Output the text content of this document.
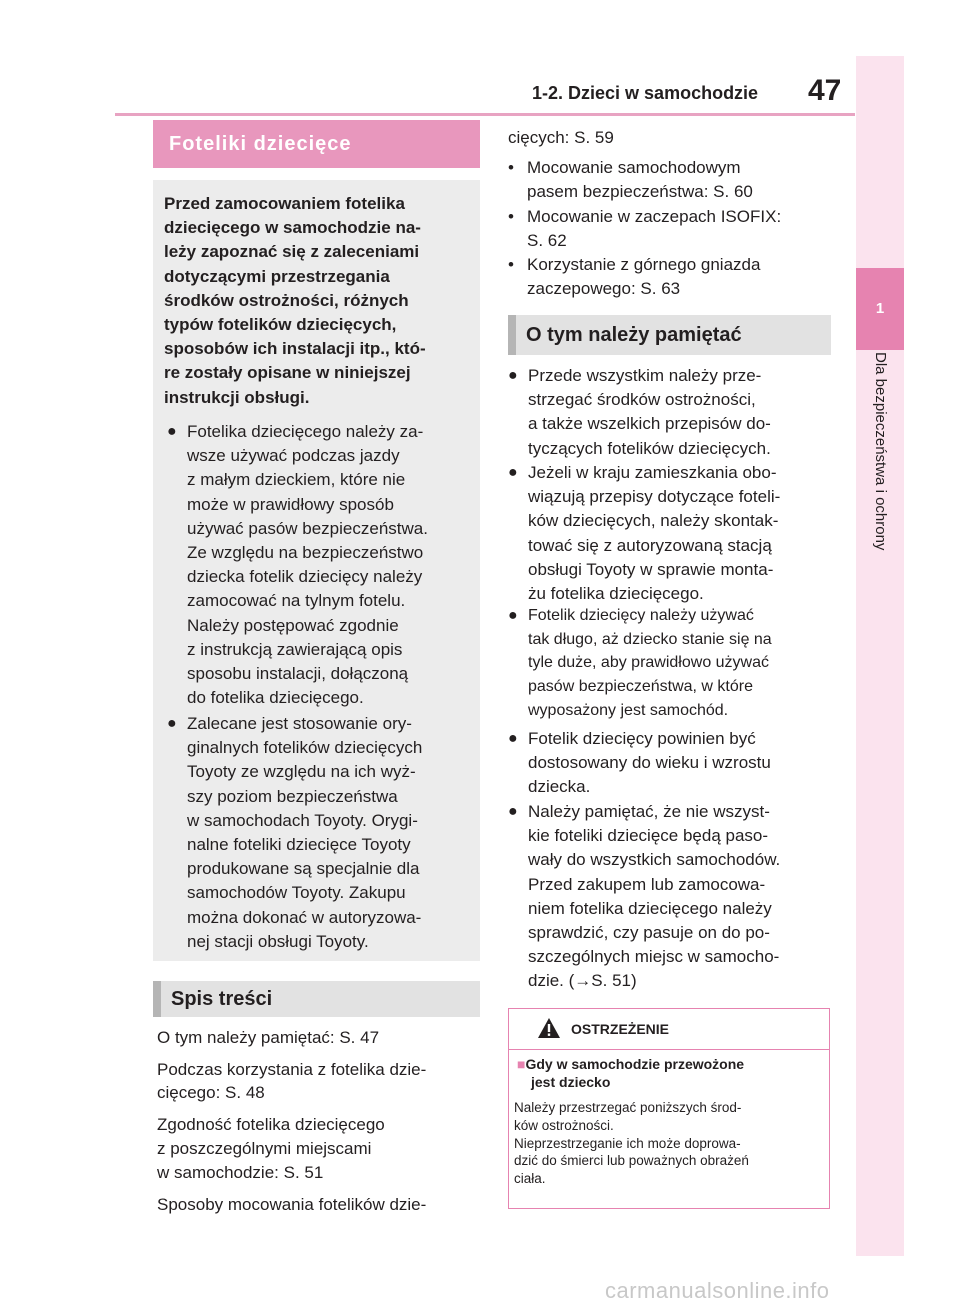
1-2. Dzieci w samochodzie 47
1
Dla bezpieczeństwa i ochrony
Foteliki dziecięce
Przed zamocowaniem fotelika
dziecięcego w samochodzie na-
leży zapoznać się z zaleceniami
dotyczącymi przestrzegania
środków ostrożności, różnych
typów fotelików dziecięcych,
sposobów ich instalacji itp., któ-
re zostały opisane w niniejszej
instrukcji obsługi.
● Fotelika dziecięcego należy za-
wsze używać podczas jazdy
z małym dzieckiem, które nie
może w prawidłowy sposób
używać pasów bezpieczeństwa.
Ze względu na bezpieczeństwo
dziecka fotelik dziecięcy należy
zamocować na tylnym fotelu.
Należy postępować zgodnie
z instrukcją zawierającą opis
sposobu instalacji, dołączoną
do fotelika dziecięcego.
● Zalecane jest stosowanie ory-
ginalnych fotelików dziecięcych
Toyoty ze względu na ich wyż-
szy poziom bezpieczeństwa
w samochodach Toyoty. Orygi-
nalne foteliki dziecięce Toyoty
produkowane są specjalnie dla
samochodów Toyoty. Zakupu
można dokonać w autoryzowa-
nej stacji obsługi Toyoty.
Spis treści
O tym należy pamiętać: S. 47
Podczas korzystania z fotelika dzie-
cięcego: S. 48
Zgodność fotelika dziecięcego
z poszczególnymi miejscami
w samochodzie: S. 51
Sposoby mocowania fotelików dzie-
cięcych: S. 59
• Mocowanie samochodowym
pasem bezpieczeństwa: S. 60
• Mocowanie w zaczepach ISOFIX:
S. 62
• Korzystanie z górnego gniazda
zaczepowego: S. 63
O tym należy pamiętać
● Przede wszystkim należy prze-
strzegać środków ostrożności,
a także wszelkich przepisów do-
tyczących fotelików dziecięcych.
● Jeżeli w kraju zamieszkania obo-
wiązują przepisy dotyczące foteli-
ków dziecięcych, należy skontak-
tować się z autoryzowaną stacją
obsługi Toyoty w sprawie monta-
żu fotelika dziecięcego.
● Fotelik dziecięcy należy używać
tak długo, aż dziecko stanie się na
tyle duże, aby prawidłowo używać
pasów bezpieczeństwa, w które
wyposażony jest samochód.
● Fotelik dziecięcy powinien być
dostosowany do wieku i wzrostu
dziecka.
● Należy pamiętać, że nie wszyst-
kie foteliki dziecięce będą paso-
wały do wszystkich samochodów.
Przed zakupem lub zamocowa-
niem fotelika dziecięcego należy
sprawdzić, czy pasuje on do po-
szczególnych miejsc w samocho-
dzie. (→S. 51)
OSTRZEŻENIE
■Gdy w samochodzie przewożone
jest dziecko
Należy przestrzegać poniższych środ-
ków ostrożności.
Nieprzestrzeganie ich może doprowa-
dzić do śmierci lub poważnych obrażeń
ciała.
carmanualsonline.info
